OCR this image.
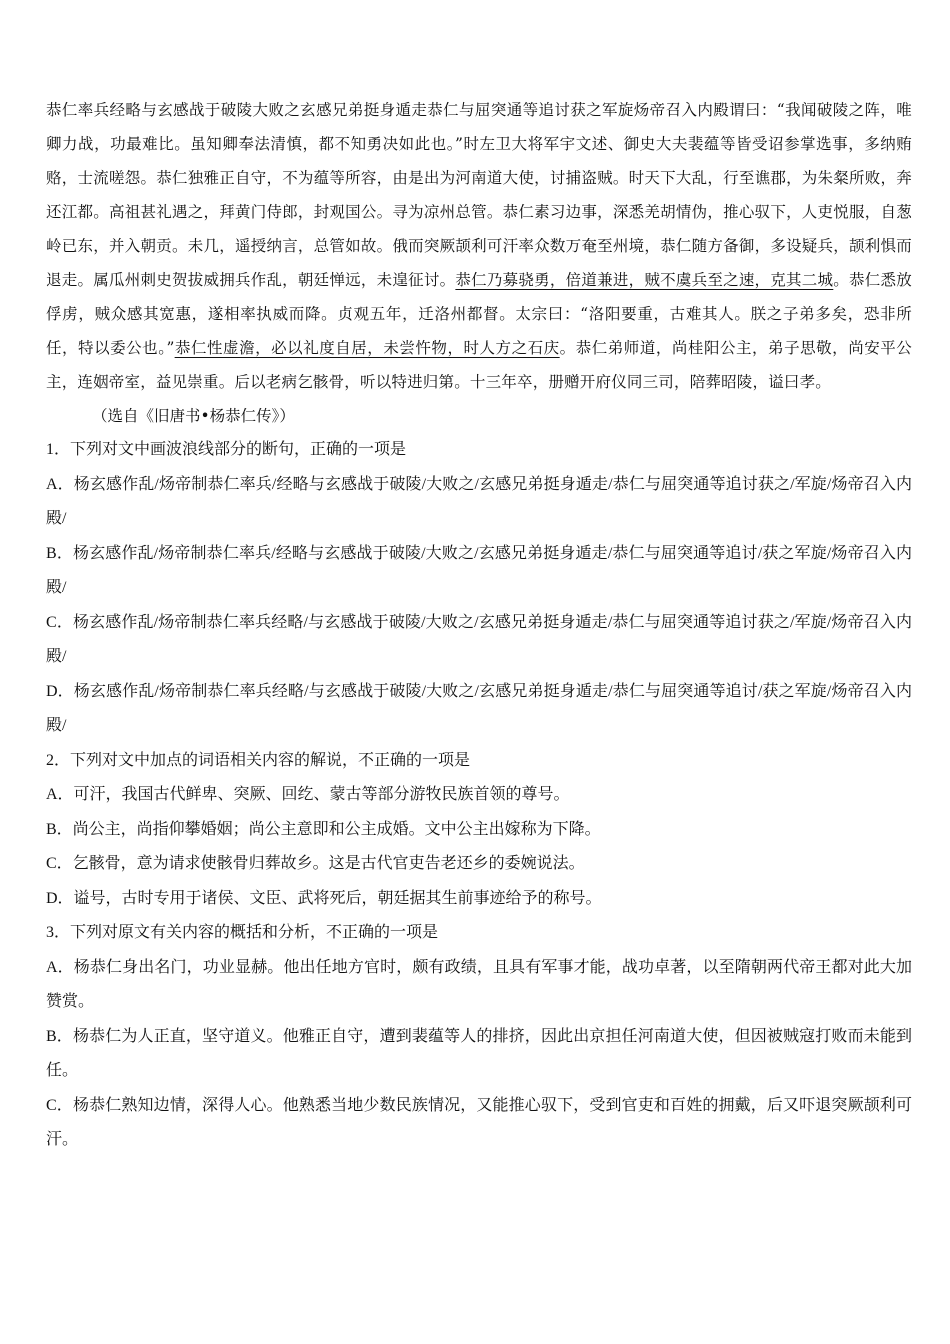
恭仁率兵经略与玄感战于破陵大败之玄感兄弟挺身遁走恭仁与屈突通等追讨获之军旋炀帝召入内殿谓曰：“我闻破陵之阵，唯卿力战，功最难比。虽知卿奉法清慎，都不知勇决如此也。”时左卫大将军宇文述、御史大夫裴蕴等皆受诏参掌选事，多纳贿赂，士流嗟怨。恭仁独雅正自守，不为蕴等所容，由是出为河南道大使，讨捕盗贼。时天下大乱，行至谯郡，为朱粲所败，奔还江都。高祖甚礼遇之，拜黄门侍郎，封观国公。寻为凉州总管。恭仁素习边事，深悉羌胡情伪，推心驭下，人吏悦服，自葱岭已东，并入朝贡。未几，遥授纳言，总管如故。俄而突厥颉利可汗率众数万奄至州境，恭仁随方备御，多设疑兵，颉利惧而退走。属瓜州刺史贺拔威拥兵作乱，朝廷惮远，未遑征讨。恭仁乃募骁勇，倍道兼进，贼不虞兵至之速，克其二城。恭仁悉放俘虏，贼众感其宽惠，遂相率执威而降。贞观五年，迁洛州都督。太宗曰：“洛阳要重，古难其人。朕之子弟多矣，恐非所任，特以委公也。”恭仁性虚澹，必以礼度自居，未尝忤物，时人方之石庆。恭仁弟师道，尚桂阳公主，弟子思敬，尚安平公主，连姻帝室，益见崇重。后以老病乞骸骨，听以特进归第。十三年卒，册赠开府仪同三司，陪葬昭陵，谥曰孝。
（选自《旧唐书•杨恭仁传》）
1．下列对文中画波浪线部分的断句，正确的一项是
A．杨玄感作乱/炀帝制恭仁率兵/经略与玄感战于破陵/大败之/玄感兄弟挺身遁走/恭仁与屈突通等追讨获之/军旋/炀帝召入内殿/
B．杨玄感作乱/炀帝制恭仁率兵/经略与玄感战于破陵/大败之/玄感兄弟挺身遁走/恭仁与屈突通等追讨/获之军旋/炀帝召入内殿/
C．杨玄感作乱/炀帝制恭仁率兵经略/与玄感战于破陵/大败之/玄感兄弟挺身遁走/恭仁与屈突通等追讨获之/军旋/炀帝召入内殿/
D．杨玄感作乱/炀帝制恭仁率兵经略/与玄感战于破陵/大败之/玄感兄弟挺身遁走/恭仁与屈突通等追讨/获之军旋/炀帝召入内殿/
2．下列对文中加点的词语相关内容的解说，不正确的一项是
A．可汗，我国古代鲜卑、突厥、回纥、蒙古等部分游牧民族首领的尊号。
B．尚公主，尚指仰攀婚姻；尚公主意即和公主成婚。文中公主出嫁称为下降。
C．乞骸骨，意为请求使骸骨归葬故乡。这是古代官吏告老还乡的委婉说法。
D．谥号，古时专用于诸侯、文臣、武将死后，朝廷据其生前事迹给予的称号。
3．下列对原文有关内容的概括和分析，不正确的一项是
A．杨恭仁身出名门，功业显赫。他出任地方官时，颇有政绩，且具有军事才能，战功卓著，以至隋朝两代帝王都对此大加赞赏。
B．杨恭仁为人正直，坚守道义。他雅正自守，遭到裴蕴等人的排挤，因此出京担任河南道大使，但因被贼寇打败而未能到任。
C．杨恭仁熟知边情，深得人心。他熟悉当地少数民族情况，又能推心驭下，受到官吏和百姓的拥戴，后又吓退突厥颉利可汗。
